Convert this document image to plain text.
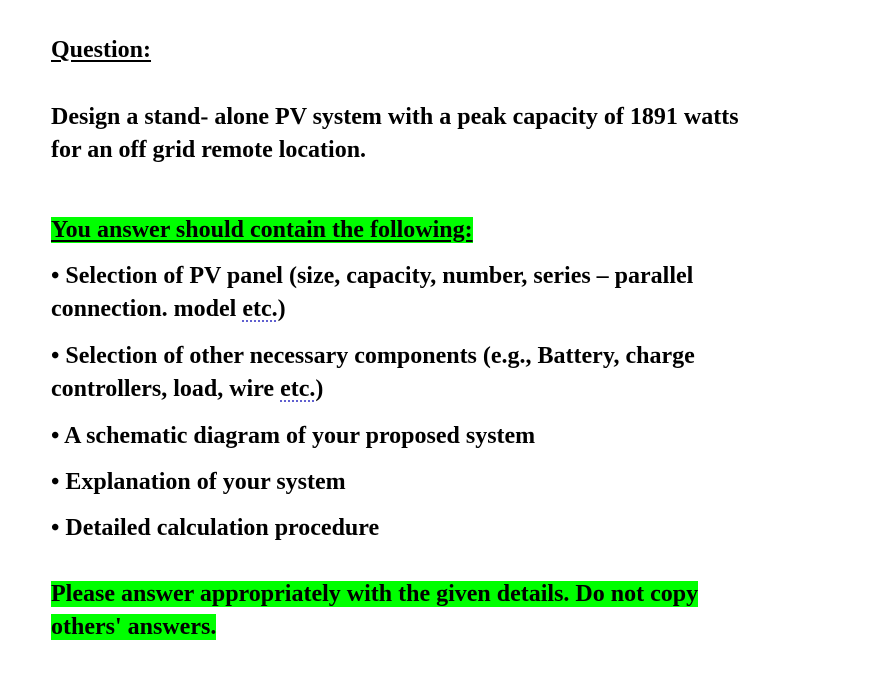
Question:

Design a stand- alone PV system with a peak capacity of 1891 watts

for an off grid remote location.

You answer should contain the following:

• Selection of PV panel (size, capacity, number, series – parallel

connection. model etc.)

• Selection of other necessary components (e.g., Battery, charge

controllers, load, wire etc.)

• A schematic diagram of your proposed system

• Explanation of your system

• Detailed calculation procedure

Please answer appropriately with the given details. Do not copy

others' answers.
